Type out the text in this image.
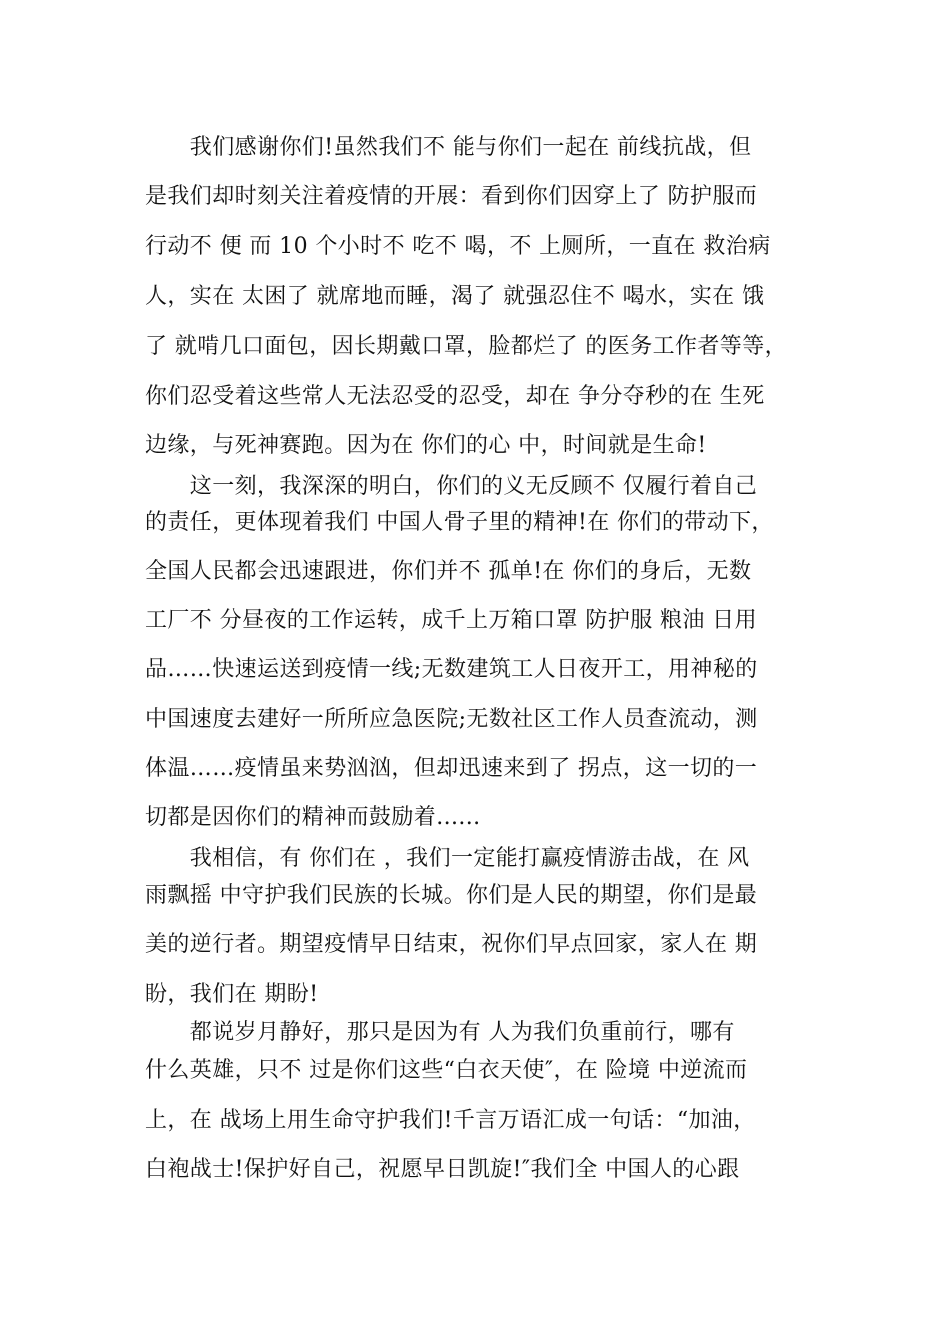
　　我们感谢你们!虽然我们不 能与你们一起在 前线抗战，但
是我们却时刻关注着疫情的开展：看到你们因穿上了 防护服而
行动不 便 而 10 个小时不 吃不 喝，不 上厕所，一直在 救治病
人，实在 太困了 就席地而睡，渴了 就强忍住不 喝水，实在 饿
了 就啃几口面包，因长期戴口罩，脸都烂了 的医务工作者等等，
你们忍受着这些常人无法忍受的忍受，却在 争分夺秒的在 生死
边缘，与死神赛跑。因为在 你们的心 中，时间就是生命!
　　这一刻，我深深的明白，你们的义无反顾不 仅履行着自己
的责任，更体现着我们 中国人骨子里的精神!在 你们的带动下，
全国人民都会迅速跟进，你们并不 孤单!在 你们的身后，无数
工厂不 分昼夜的工作运转，成千上万箱口罩 防护服 粮油 日用
品……快速运送到疫情一线;无数建筑工人日夜开工，用神秘的
中国速度去建好一所所应急医院;无数社区工作人员查流动，测
体温……疫情虽来势汹汹，但却迅速来到了 拐点，这一切的一
切都是因你们的精神而鼓励着......
　　我相信，有 你们在 ，我们一定能打赢疫情游击战，在 风
雨飘摇 中守护我们民族的长城。你们是人民的期望，你们是最
美的逆行者。期望疫情早日结束，祝你们早点回家，家人在 期
盼，我们在 期盼!
　　都说岁月静好，那只是因为有 人为我们负重前行，哪有
什么英雄，只不 过是你们这些“白衣天使″，在 险境 中逆流而
上，在 战场上用生命守护我们!千言万语汇成一句话：“加油，
白袍战士!保护好自己，祝愿早日凯旋!″我们全 中国人的心跟
